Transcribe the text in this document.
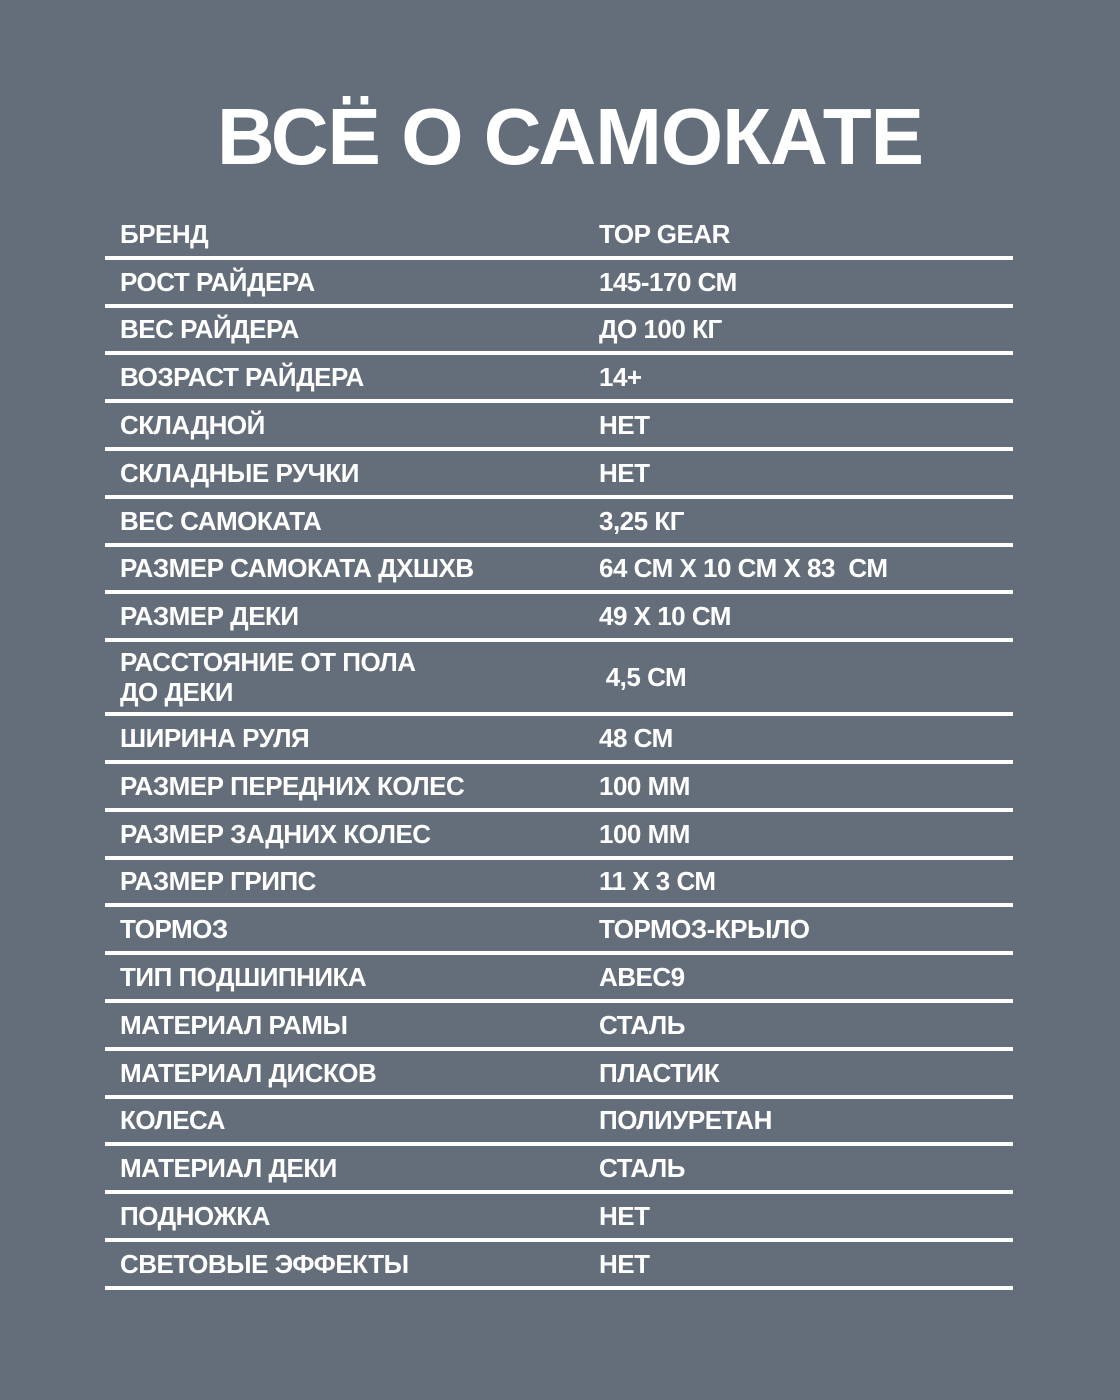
ВСЁ О САМОКАТЕ
БРЕНД	TOP GEAR
РОСТ РАЙДЕРА	145-170 СМ
ВЕС РАЙДЕРА	ДО 100 КГ
ВОЗРАСТ РАЙДЕРА	14+
СКЛАДНОЙ	НЕТ
СКЛАДНЫЕ РУЧКИ	НЕТ
ВЕС САМОКАТА	3,25 КГ
РАЗМЕР САМОКАТА ДХШХВ	64 СМ Х 10 СМ Х 83  СМ
РАЗМЕР ДЕКИ	49 Х 10 СМ
РАССТОЯНИЕ ОТ ПОЛА
ДО ДЕКИ	4,5 СМ
ШИРИНА РУЛЯ	48 СМ
РАЗМЕР ПЕРЕДНИХ КОЛЕС	100 ММ
РАЗМЕР ЗАДНИХ КОЛЕС	100 ММ
РАЗМЕР ГРИПС	11 Х 3 СМ
ТОРМОЗ	ТОРМОЗ-КРЫЛО
ТИП ПОДШИПНИКА	ABEC9
МАТЕРИАЛ РАМЫ	СТАЛЬ
МАТЕРИАЛ ДИСКОВ	ПЛАСТИК
КОЛЕСА	ПОЛИУРЕТАН
МАТЕРИАЛ ДЕКИ	СТАЛЬ
ПОДНОЖКА	НЕТ
СВЕТОВЫЕ ЭФФЕКТЫ	НЕТ
